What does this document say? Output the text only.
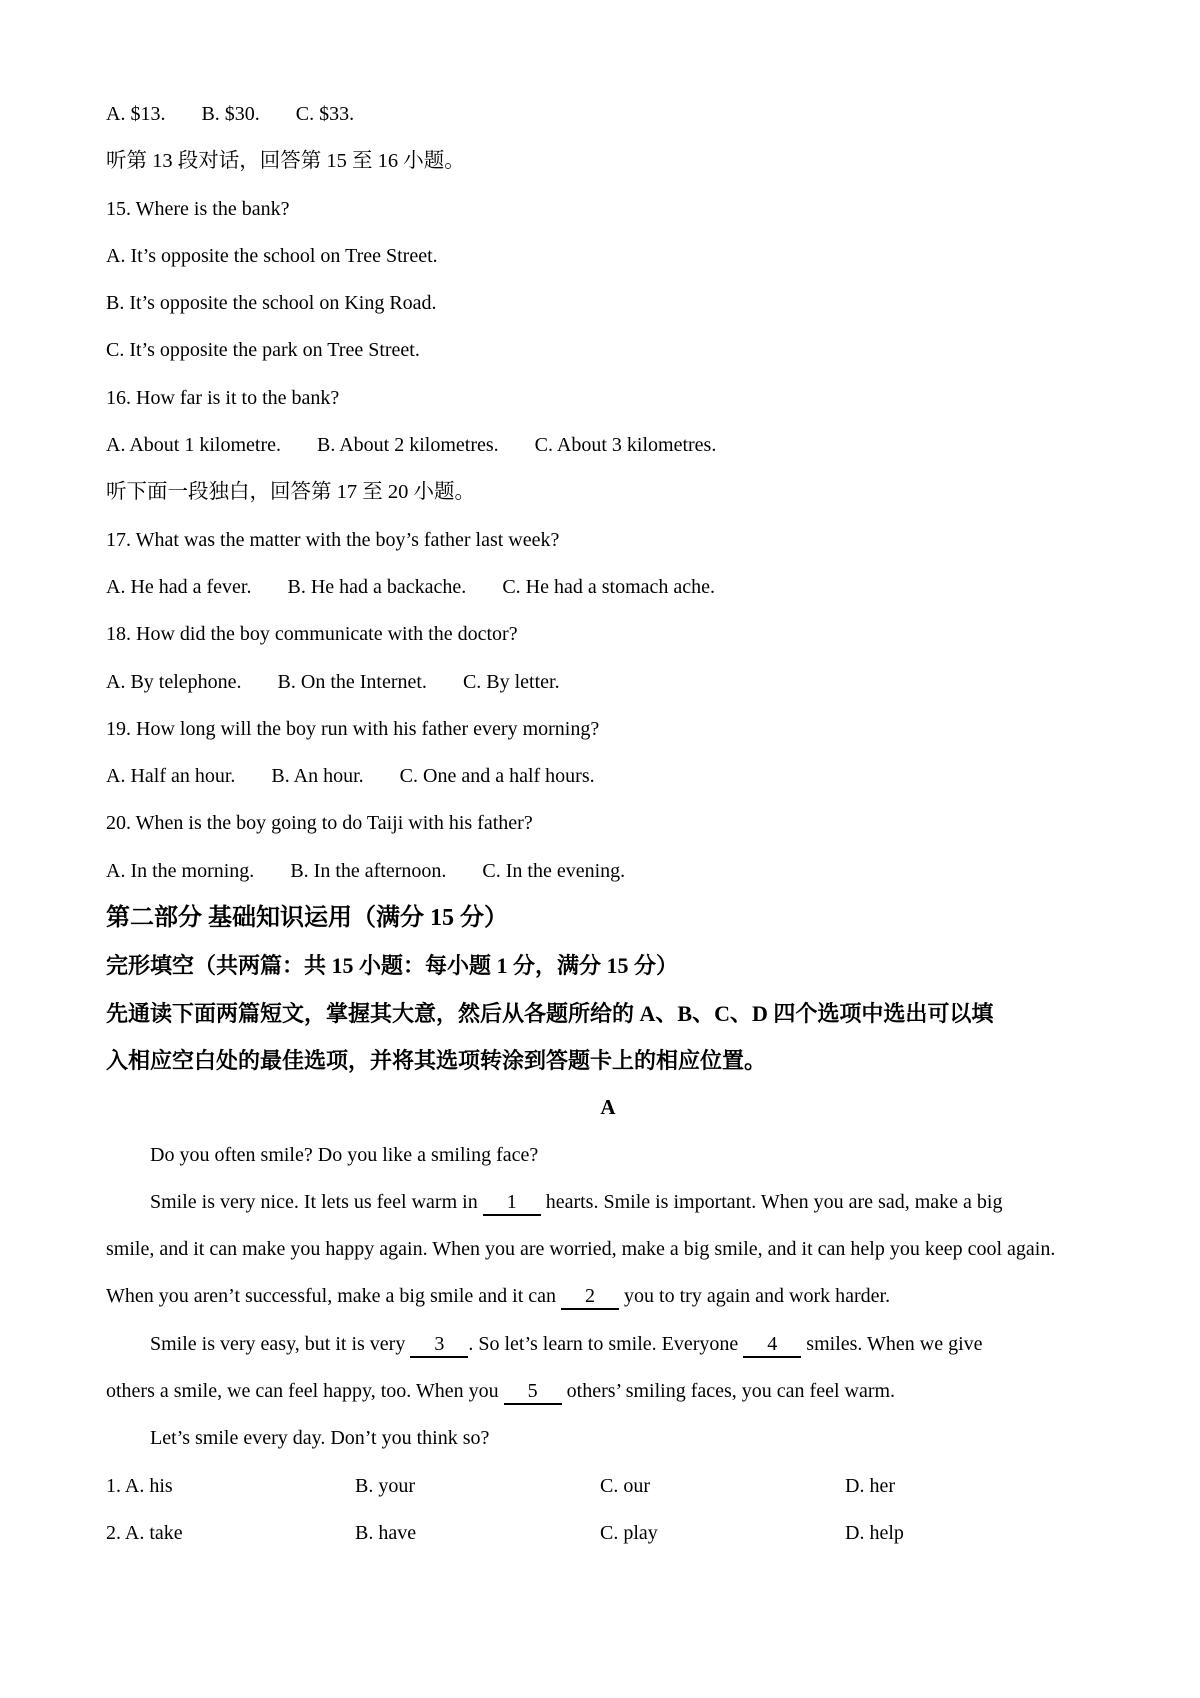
A. $13. B. $30. C. $33.
听第 13 段对话，回答第 15 至 16 小题。
15. Where is the bank?
A. It’s opposite the school on Tree Street.
B. It’s opposite the school on King Road.
C. It’s opposite the park on Tree Street.
16. How far is it to the bank?
A. About 1 kilometre. B. About 2 kilometres. C. About 3 kilometres.
听下面一段独白，回答第 17 至 20 小题。
17. What was the matter with the boy’s father last week?
A. He had a fever. B. He had a backache. C. He had a stomach ache.
18. How did the boy communicate with the doctor?
A. By telephone. B. On the Internet. C. By letter.
19. How long will the boy run with his father every morning?
A. Half an hour. B. An hour. C. One and a half hours.
20. When is the boy going to do Taiji with his father?
A. In the morning. B. In the afternoon. C. In the evening.
第二部分 基础知识运用（满分 15 分）
完形填空（共两篇：共 15 小题：每小题 1 分，满分 15 分）
先通读下面两篇短文，掌握其大意，然后从各题所给的 A、B、C、D 四个选项中选出可以填
入相应空白处的最佳选项，并将其选项转涂到答题卡上的相应位置。
A
Do you often smile? Do you like a smiling face?
Smile is very nice. It lets us feel warm in 1 hearts. Smile is important. When you are sad, make a big
smile, and it can make you happy again. When you are worried, make a big smile, and it can help you keep cool again.
When you aren’t successful, make a big smile and it can 2 you to try again and work harder.
Smile is very easy, but it is very 3 . So let’s learn to smile. Everyone 4 smiles. When we give
others a smile, we can feel happy, too. When you 5 others’ smiling faces, you can feel warm.
Let’s smile every day. Don’t you think so?
1. A. his	B. your	C. our	D. her
2. A. take	B. have	C. play	D. help
